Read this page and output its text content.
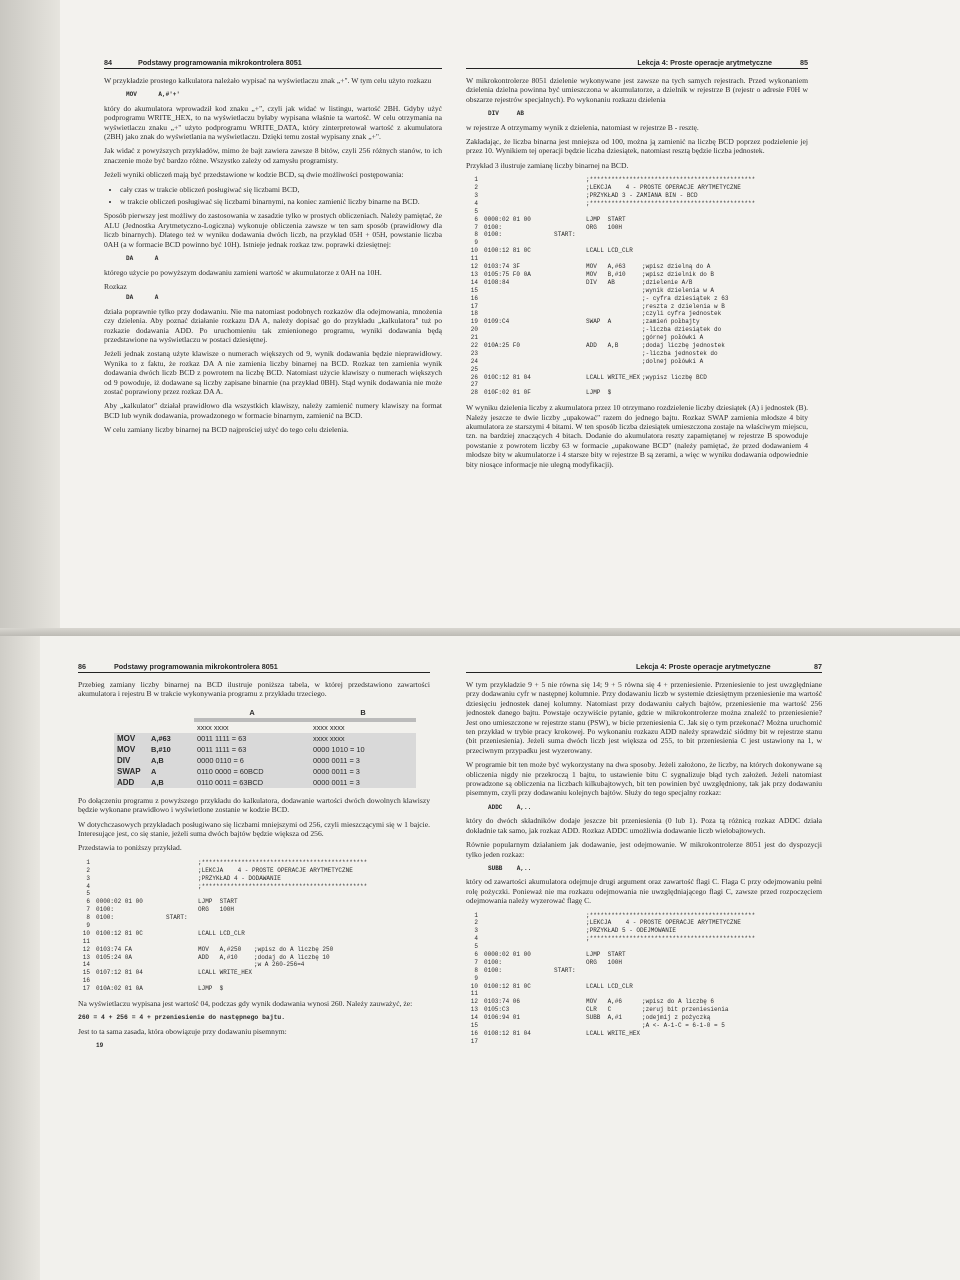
84	Podstawy programowania mikrokontrolera 8051

W przykładzie prostego kalkulatora należało wypisać na wyświetlaczu znak „+". W tym celu użyto rozkazu

MOV      A,#'+'

który do akumulatora wprowadził kod znaku „+", czyli jak widać w listingu, wartość 2BH. Gdyby użyć podprogramu WRITE_HEX, to na wyświetlaczu byłaby wypisana właśnie ta wartość. W celu otrzymania na wyświetlaczu znaku „+" użyto podprogramu WRITE_DATA, który zinterpretował wartość z akumulatora (2BH) jako znak do wyświetlania na wyświetlaczu. Dzięki temu został wypisany znak „+".

Jak widać z powyższych przykładów, mimo że bajt zawiera zawsze 8 bitów, czyli 256 różnych stanów, to ich znaczenie może być bardzo różne. Wszystko zależy od zamysłu programisty.

Jeżeli wyniki obliczeń mają być przedstawione w kodzie BCD, są dwie możliwości postępowania:

• cały czas w trakcie obliczeń posługiwać się liczbami BCD,
• w trakcie obliczeń posługiwać się liczbami binarnymi, na koniec zamienić liczby binarne na BCD.

Sposób pierwszy jest możliwy do zastosowania w zasadzie tylko w prostych obliczeniach. Należy pamiętać, że ALU (Jednostka Arytmetyczno-Logiczna) wykonuje obliczenia zawsze w ten sam sposób (prawidłowy dla liczb binarnych). Dlatego też w wyniku dodawania dwóch liczb, na przykład 05H + 05H, powstanie liczba 0AH (a w formacie BCD powinno być 10H). Istnieje jednak rozkaz tzw. poprawki dziesiętnej:

DA      A

którego użycie po powyższym dodawaniu zamieni wartość w akumulatorze z 0AH na 10H.

Rozkaz

DA      A

działa poprawnie tylko przy dodawaniu. Nie ma natomiast podobnych rozkazów dla odejmowania, mnożenia czy dzielenia. Aby poznać działanie rozkazu DA A, należy dopisać go do przykładu „kalkulatora" tuż po rozkazie dodawania ADD. Po uruchomieniu tak zmienionego programu, wyniki dodawania będą przedstawione na wyświetlaczu w postaci dziesiętnej.

Jeżeli jednak zostaną użyte klawisze o numerach większych od 9, wynik dodawania będzie nieprawidłowy. Wynika to z faktu, że rozkaz DA A nie zamienia liczby binarnej na BCD. Rozkaz ten zamienia wynik dodawania dwóch liczb BCD z powrotem na liczbę BCD. Natomiast użycie klawiszy o numerach większych od 9 powoduje, iż dodawane są liczby zapisane binarnie (na przykład 0BH). Stąd wynik dodawania nie może zostać poprawiony przez rozkaz DA A.

Aby „kalkulator" działał prawidłowo dla wszystkich klawiszy, należy zamienić numery klawiszy na format BCD lub wynik dodawania, prowadzonego w formacie binarnym, zamienić na BCD.

W celu zamiany liczby binarnej na BCD najprościej użyć do tego celu dzielenia.

Lekcja 4: Proste operacje arytmetyczne	85

W mikrokontrolerze 8051 dzielenie wykonywane jest zawsze na tych samych rejestrach. Przed wykonaniem dzielenia dzielna powinna być umieszczona w akumulatorze, a dzielnik w rejestrze B (rejestr o adresie F0H w obszarze rejestrów specjalnych). Po wykonaniu rozkazu dzielenia

DIV     AB

w rejestrze A otrzymamy wynik z dzielenia, natomiast w rejestrze B - resztę.

Zakładając, że liczba binarna jest mniejsza od 100, można ją zamienić na liczbę BCD poprzez podzielenie jej przez 10. Wynikiem tej operacji będzie liczba dziesiątek, natomiast resztą będzie liczba jednostek.

Przykład 3 ilustruje zamianę liczby binarnej na BCD.

1	;**********************************************
2	;LEKCJA    4 - PROSTE OPERACJE ARYTMETYCZNE
3	;PRZYKŁAD 3 - ZAMIANA BIN - BCD
4	;**********************************************
5
6	0000:02 01 00	LJMP  START
7	0100:	ORG   100H
8	0100:	START:
9
10	0100:12 81 0C	LCALL LCD_CLR
11
12	0103:74 3F	MOV   A,#63	;wpisz dzielną do A
13	0105:75 F0 0A	MOV   B,#10	;wpisz dzielnik do B
14	0108:84	DIV   AB	;dzielenie A/B
15	;wynik dzielenia w A
16	;- cyfra dziesiątek z 63
17	;reszta z dzielenia w B
18	;czyli cyfra jednostek
19	0109:C4	SWAP  A	;zamień połbajty
20	;-liczba dziesiątek do
21	;górnej połówki A
22	010A:25 F0	ADD   A,B	;dodaj liczbę jednostek
23	;-liczba jednostek do
24	;dolnej połówki A
25
26	010C:12 81 04	LCALL WRITE_HEX ;wypisz liczbę BCD
27
28	010F:02 01 0F	LJMP  $

W wyniku dzielenia liczby z akumulatora przez 10 otrzymano rozdzielenie liczby dziesiątek (A) i jednostek (B). Należy jeszcze te dwie liczby „upakować" razem do jednego bajtu. Rozkaz SWAP zamienia młodsze 4 bity akumulatora ze starszymi 4 bitami. W ten sposób liczba dziesiątek umieszczona zostaje na właściwym miejscu, tzn. na bardziej znaczących 4 bitach. Dodanie do akumulatora reszty zapamiętanej w rejestrze B spowoduje powstanie z powrotem liczby 63 w formacie „upakowane BCD" (należy pamiętać, że przed dodawaniem 4 młodsze bity w akumulatorze i 4 starsze bity w rejestrze B są zerami, a więc w wyniku dodawania odpowiednie bity niosące informacje nie ulegną modyfikacji).

86	Podstawy programowania mikrokontrolera 8051

Przebieg zamiany liczby binarnej na BCD ilustruje poniższa tabela, w której przedstawiono zawartości akumulatora i rejestru B w trakcie wykonywania programu z przykładu trzeciego.

		A	B
		xxxx xxxx	xxxx xxxx
MOV	A,#63	0011 1111 = 63	xxxx xxxx
MOV	B,#10	0011 1111 = 63	0000 1010 = 10
DIV	A,B	0000 0110 = 6	0000 0011 = 3
SWAP	A	0110 0000 = 60BCD	0000 0011 = 3
ADD	A,B	0110 0011 = 63BCD	0000 0011 = 3

Po dołączeniu programu z powyższego przykładu do kalkulatora, dodawanie wartości dwóch dowolnych klawiszy będzie wykonane prawidłowo i wyświetlone zostanie w kodzie BCD.

W dotychczasowych przykładach posługiwano się liczbami mniejszymi od 256, czyli mieszczącymi się w 1 bajcie. Interesujące jest, co się stanie, jeżeli suma dwóch bajtów będzie większa od 256.

Przedstawia to poniższy przykład.

1	;**********************************************
2	;LEKCJA    4 - PROSTE OPERACJE ARYTMETYCZNE
3	;PRZYKŁAD 4 - DODAWANIE
4	;**********************************************
5
6	0000:02 01 00	LJMP  START
7	0100:	ORG   100H
8	0100:	START:
9
10	0100:12 81 0C	LCALL LCD_CLR
11
12	0103:74 FA	MOV   A,#250	;wpisz do A liczbę 250
13	0105:24 0A	ADD   A,#10	;dodaj do A liczbę 10
14	;w A 260-256=4
15	0107:12 81 04	LCALL WRITE_HEX
16
17	010A:02 01 0A	LJMP  $

Na wyświetlaczu wypisana jest wartość 04, podczas gdy wynik dodawania wynosi 260. Należy zauważyć, że:

260 = 4 + 256 = 4 + przeniesienie do następnego bajtu.

Jest to ta sama zasada, która obowiązuje przy dodawaniu pisemnym:

19
Lekcja 4: Proste operacje arytmetyczne	87

W tym przykładzie 9 + 5 nie równa się 14; 9 + 5 równa się 4 + przeniesienie. Przeniesienie to jest uwzględniane przy dodawaniu cyfr w następnej kolumnie. Przy dodawaniu liczb w systemie dziesiętnym przeniesienie ma wartość dziesięciu jednostek danej kolumny. Natomiast przy dodawaniu całych bajtów, przeniesienie ma wartość 256 jednostek danego bajtu. Powstaje oczywiście pytanie, gdzie w mikrokontrolerze można znaleźć to przeniesienie? Jest ono umieszczone w rejestrze stanu (PSW), w bicie przeniesienia C. Jak się o tym przekonać? Można uruchomić ten przykład w trybie pracy krokowej. Po wykonaniu rozkazu ADD należy sprawdzić siódmy bit w rejestrze stanu (bit przeniesienia). Jeżeli suma dwóch liczb jest większa od 255, to bit przeniesienia C jest ustawiony na 1, w przeciwnym przypadku jest wyzerowany.

W programie bit ten może być wykorzystany na dwa sposoby. Jeżeli założono, że liczby, na których dokonywane są obliczenia nigdy nie przekroczą 1 bajtu, to ustawienie bitu C sygnalizuje błąd tych założeń. Jeżeli natomiast prowadzone są obliczenia na liczbach kilkubajtowych, bit ten powinien być uwzględniony, tak jak przy dodawaniu pisemnym, czyli przy dodawaniu kolejnych bajtów. Służy do tego specjalny rozkaz:

ADDC    A,..

który do dwóch składników dodaje jeszcze bit przeniesienia (0 lub 1). Poza tą różnicą rozkaz ADDC działa dokładnie tak samo, jak rozkaz ADD. Rozkaz ADDC umożliwia dodawanie liczb wielobajtowych.

Równie popularnym działaniem jak dodawanie, jest odejmowanie. W mikrokontrolerze 8051 jest do dyspozycji tylko jeden rozkaz:

SUBB    A,..

który od zawartości akumulatora odejmuje drugi argument oraz zawartość flagi C. Flaga C przy odejmowaniu pełni rolę pożyczki. Ponieważ nie ma rozkazu odejmowania nie uwzględniającego flagi C, zawsze przed rozpoczęciem odejmowania należy wyzerować flagę C.

1	;**********************************************
2	;LEKCJA    4 - PROSTE OPERACJE ARYTMETYCZNE
3	;PRZYKŁAD 5 - ODEJMOWANIE
4	;**********************************************
5
6	0000:02 01 00	LJMP  START
7	0100:	ORG   100H
8	0100:	START:
9
10	0100:12 81 0C	LCALL LCD_CLR
11
12	0103:74 06	MOV   A,#6	;wpisz do A liczbę 6
13	0105:C3	CLR   C	;zeruj bit przeniesienia
14	0106:94 01	SUBB  A,#1	;odejmij z pożyczką
15	;A <- A-1-C = 6-1-0 = 5
16	0108:12 81 04	LCALL WRITE_HEX
17
